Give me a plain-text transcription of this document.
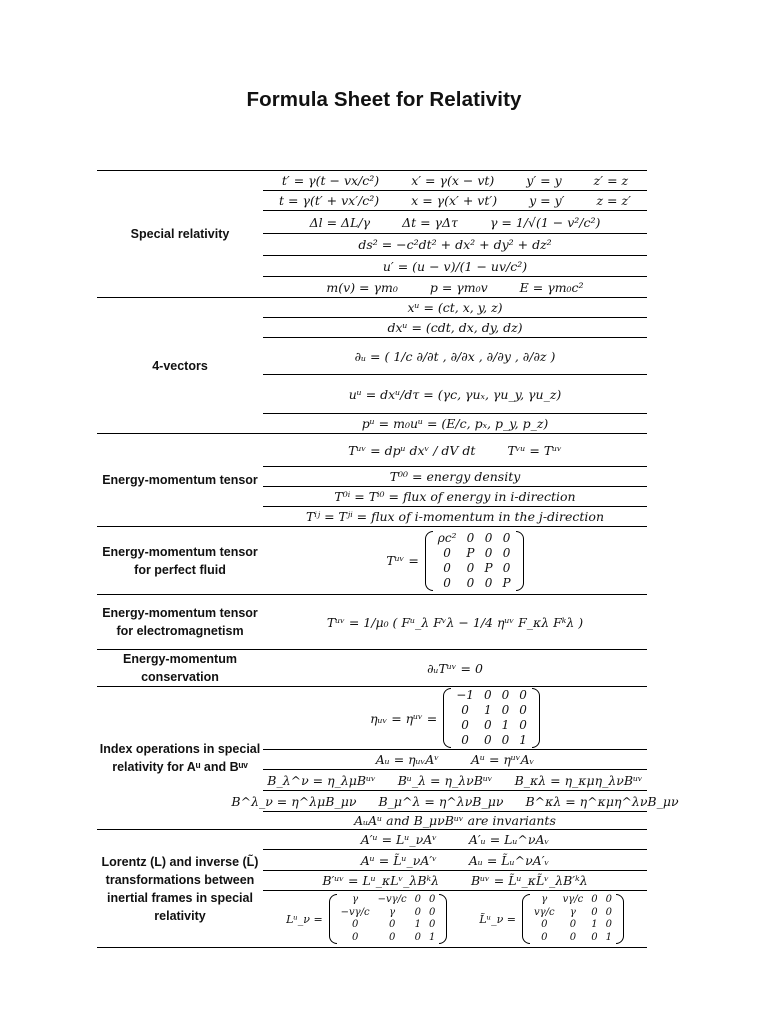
Formula Sheet for Relativity
Special relativity
t′ = γ(t − vx/c²)	x′ = γ(x − vt)	y′ = y	z′ = z
t = γ(t′ + vx′/c²)	x = γ(x′ + vt′)	y = y′	z = z′
Δl = ΔL/γ	Δt = γΔτ	γ = 1/√(1 − v²/c²)
ds² = −c²dt² + dx² + dy² + dz²
u′ = (u − v)/(1 − uv/c²)
m(v) = γm₀	p = γm₀v	E = γm₀c²
4-vectors
xᵘ = (ct, x, y, z)
dxᵘ = (cdt, dx, dy, dz)
∂ᵤ = ( 1/c ∂/∂t , ∂/∂x , ∂/∂y , ∂/∂z )
uᵘ = dxᵘ/dτ = (γc, γuₓ, γu_y, γu_z)
pᵘ = m₀uᵘ = (E/c, pₓ, p_y, p_z)
Energy-momentum tensor
Tᵘᵛ = dpᵘ dxᵛ / dV dt	Tᵛᵘ = Tᵘᵛ
T⁰⁰ = energy density
T⁰ⁱ = Tⁱ⁰ = flux of energy in i-direction
Tⁱʲ = Tʲⁱ = flux of i-momentum in the j-direction
Energy-momentum tensor for perfect fluid
Tᵘᵛ =
ρc²	0	0	0
0	P	0	0
0	0	P	0
0	0	0	P
Energy-momentum tensor for electromagnetism
Tᵘᵛ = 1/μ₀ ( Fᵘ_λ Fᵛλ − 1/4 ηᵘᵛ F_κλ Fᵏλ )
Energy-momentum conservation
∂ᵤTᵘᵛ = 0
Index operations in special relativity for Aᵘ and Bᵘᵛ
ηᵤᵥ = ηᵘᵛ =
−1	0	0	0
0	1	0	0
0	0	1	0
0	0	0	1
Aᵤ = ηᵤᵥAᵛ	Aᵘ = ηᵘᵛAᵥ
B_λ^ν = η_λμBᵘᵛ Bᵘ_λ = η_λνBᵘᵛ B_κλ = η_κμη_λνBᵘᵛ
B^λ_ν = η^λμB_μν B_μ^λ = η^λνB_μν B^κλ = η^κμη^λνB_μν
AᵤAᵘ and B_μνBᵘᵛ are invariants
Lorentz (L) and inverse (L̃) transformations between inertial frames in special relativity
A′ᵘ = Lᵘ_νAᵛ	A′ᵤ = Lᵤ^νAᵥ
Aᵘ = L̃ᵘ_νA′ᵛ	Aᵤ = L̃ᵤ^νA′ᵥ
B′ᵘᵛ = Lᵘ_κLᵛ_λBᵏλ	Bᵘᵛ = L̃ᵘ_κL̃ᵛ_λB′ᵏλ
Lᵘ_ν =
γ	−vγ/c	0	0
−vγ/c	γ	0	0
0	0	1	0
0	0	0	1
L̃ᵘ_ν =
γ	vγ/c	0	0
vγ/c	γ	0	0
0	0	1	0
0	0	0	1
